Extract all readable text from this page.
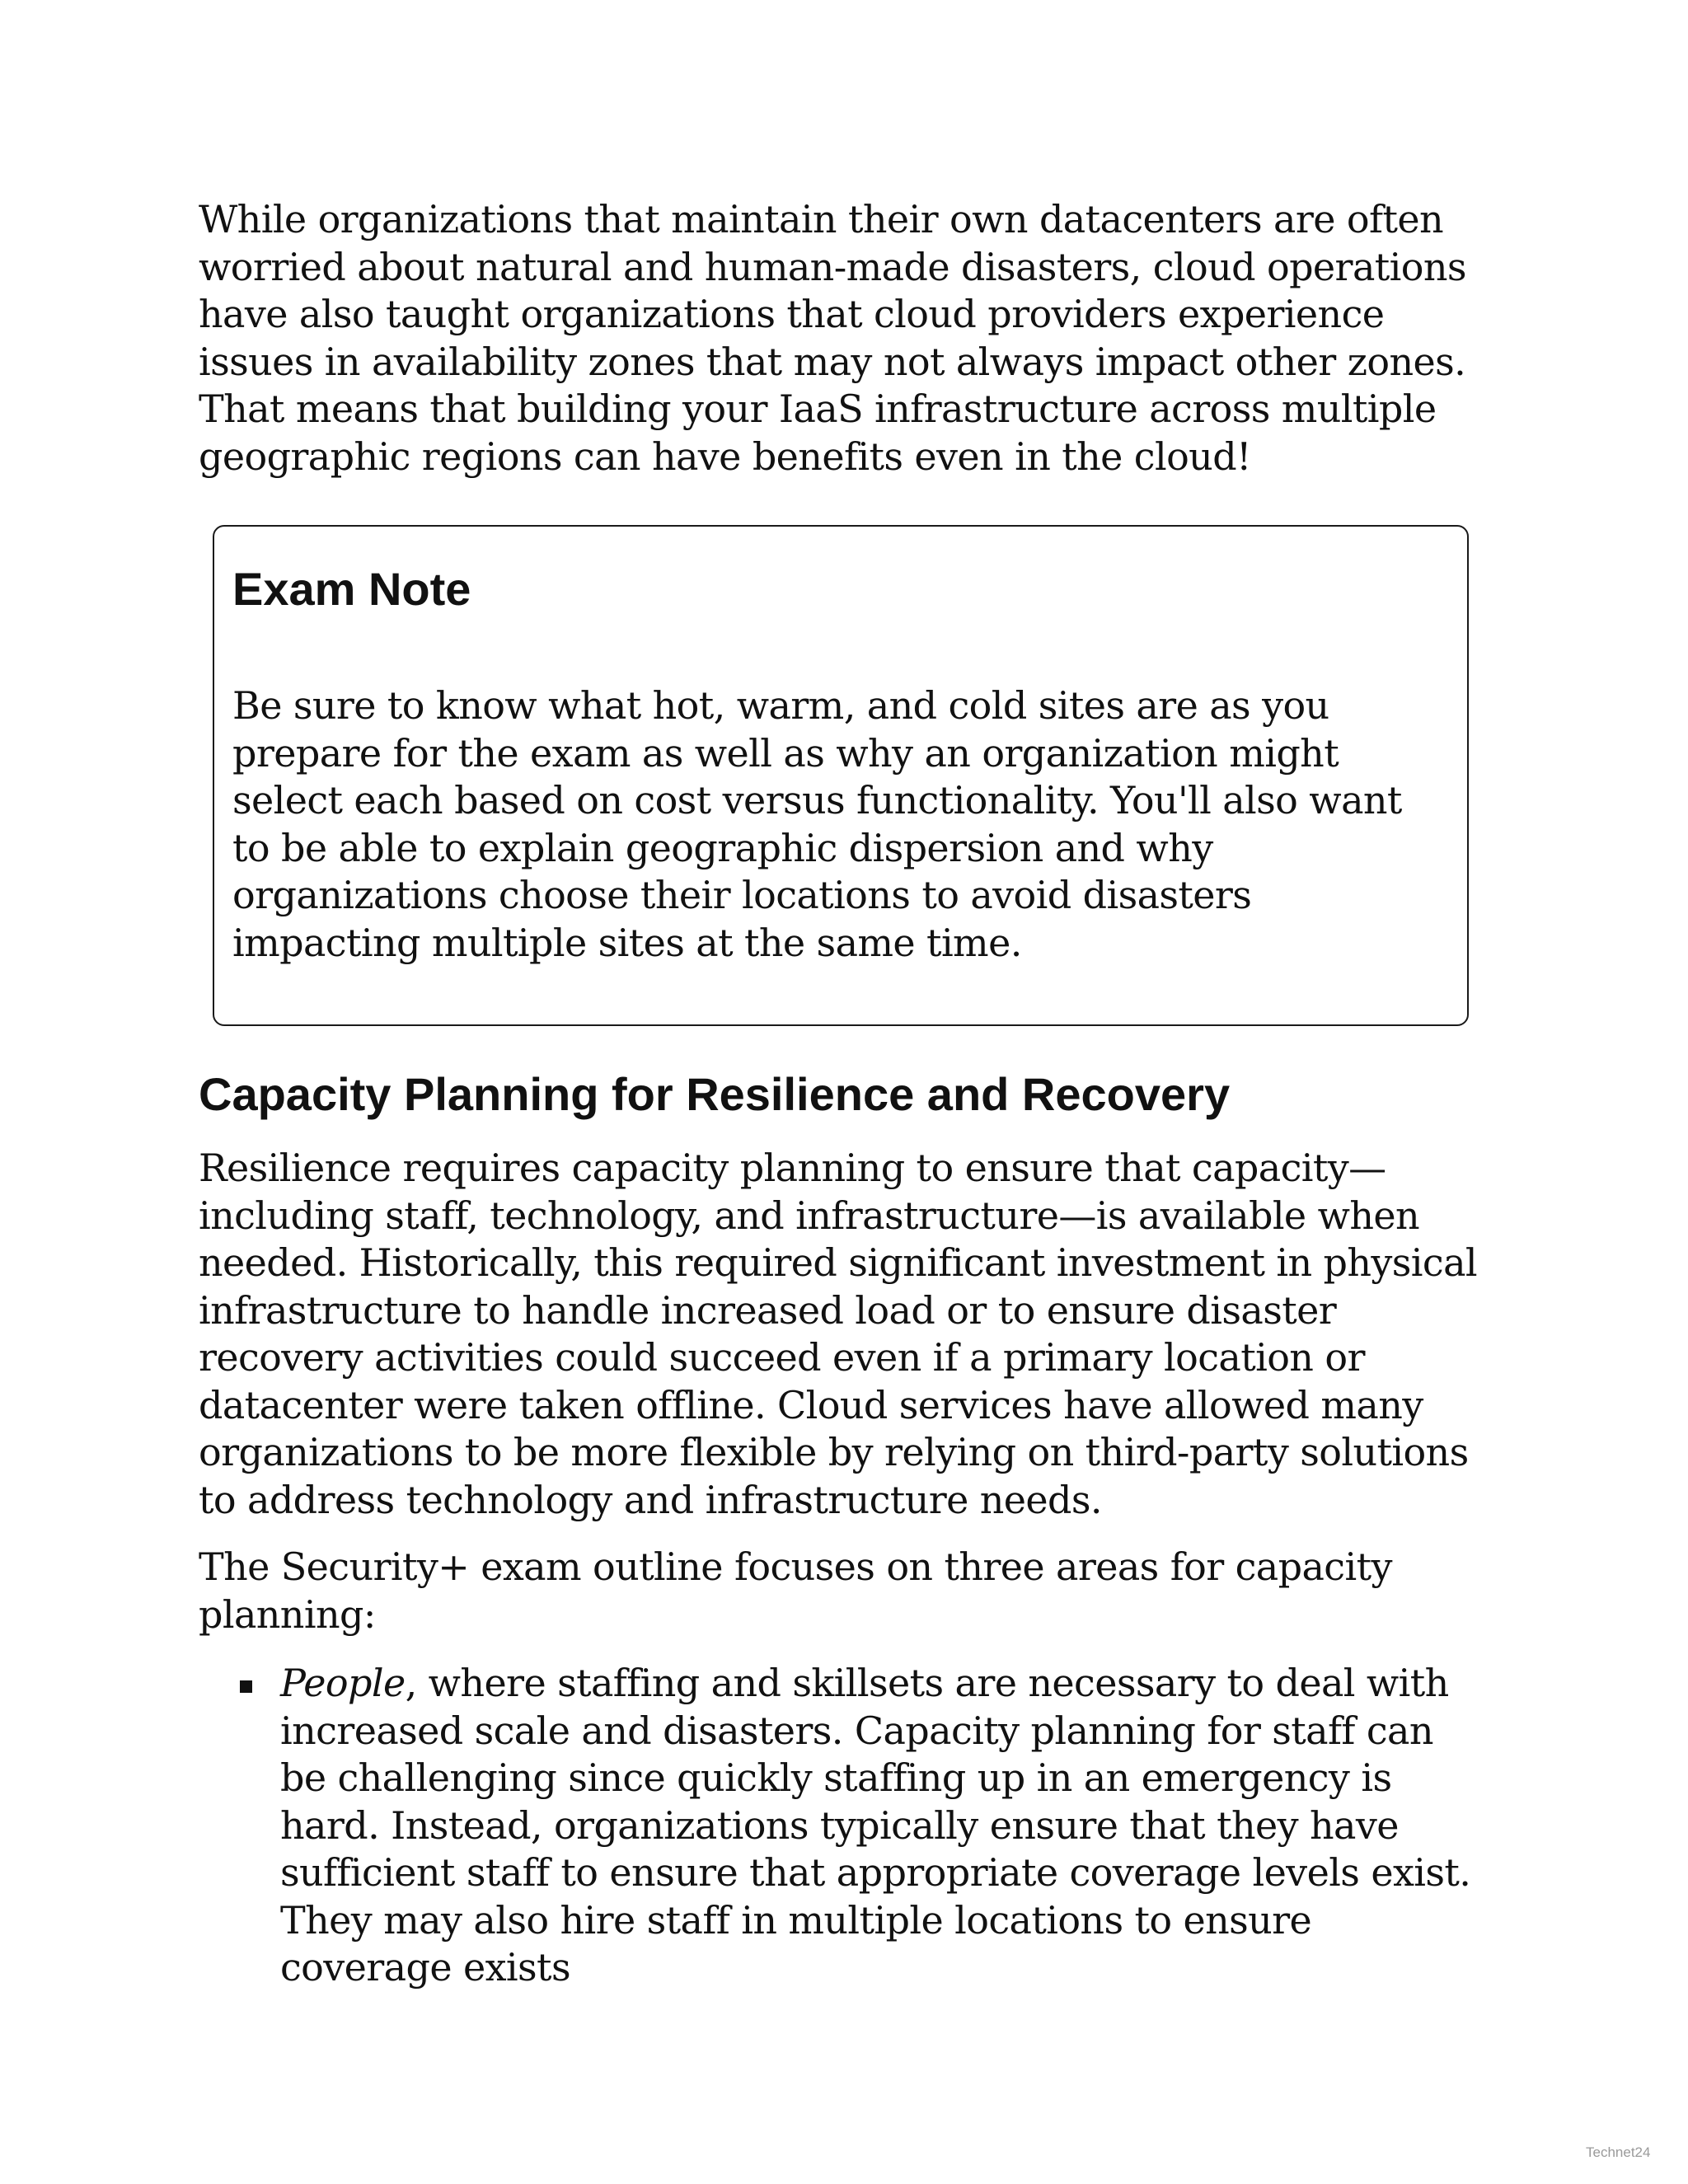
While organizations that maintain their own datacenters are often worried about natural and human-made disasters, cloud operations have also taught organizations that cloud providers experience issues in availability zones that may not always impact other zones. That means that building your IaaS infrastructure across multiple geographic regions can have benefits even in the cloud!

Exam Note

Be sure to know what hot, warm, and cold sites are as you prepare for the exam as well as why an organization might select each based on cost versus functionality. You'll also want to be able to explain geographic dispersion and why organizations choose their locations to avoid disasters impacting multiple sites at the same time.

Capacity Planning for Resilience and Recovery

Resilience requires capacity planning to ensure that capacity—including staff, technology, and infrastructure—is available when needed. Historically, this required significant investment in physical infrastructure to handle increased load or to ensure disaster recovery activities could succeed even if a primary location or datacenter were taken offline. Cloud services have allowed many organizations to be more flexible by relying on third-party solutions to address technology and infrastructure needs.

The Security+ exam outline focuses on three areas for capacity planning:

People, where staffing and skillsets are necessary to deal with increased scale and disasters. Capacity planning for staff can be challenging since quickly staffing up in an emergency is hard. Instead, organizations typically ensure that they have sufficient staff to ensure that appropriate coverage levels exist. They may also hire staff in multiple locations to ensure coverage exists

Technet24
